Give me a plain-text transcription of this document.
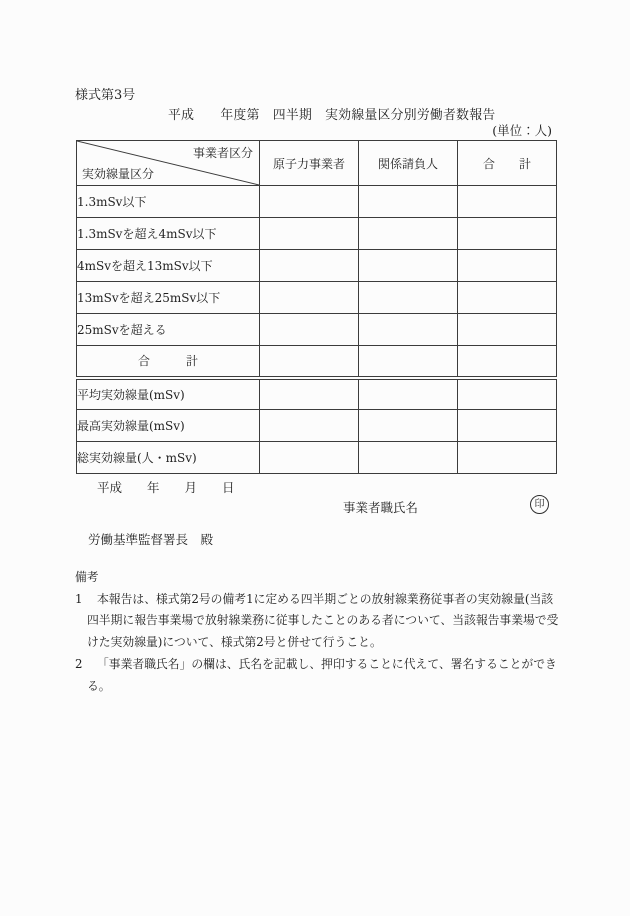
様式第3号
平成　　年度第　四半期　実効線量区分別労働者数報告
(単位：人)
事業者区分
実効線量区分	原子力事業者	関係請負人	合　　計
1.3mSv以下			
1.3mSvを超え4mSv以下			
4mSvを超え13mSv以下			
13mSvを超え25mSv以下			
25mSvを超える			
合　　　計			
平均実効線量(mSv)			
最高実効線量(mSv)			
総実効線量(人・mSv)			
平成　　年　　月　　日
事業者職氏名	印
労働基準監督署長　殿
備考
1 本報告は、様式第2号の備考1に定める四半期ごとの放射線業務従事者の実効線量(当該
四半期に報告事業場で放射線業務に従事したことのある者について、当該報告事業場で受
けた実効線量)について、様式第2号と併せて行うこと。
2 「事業者職氏名」の欄は、氏名を記載し、押印することに代えて、署名することができ
る。
